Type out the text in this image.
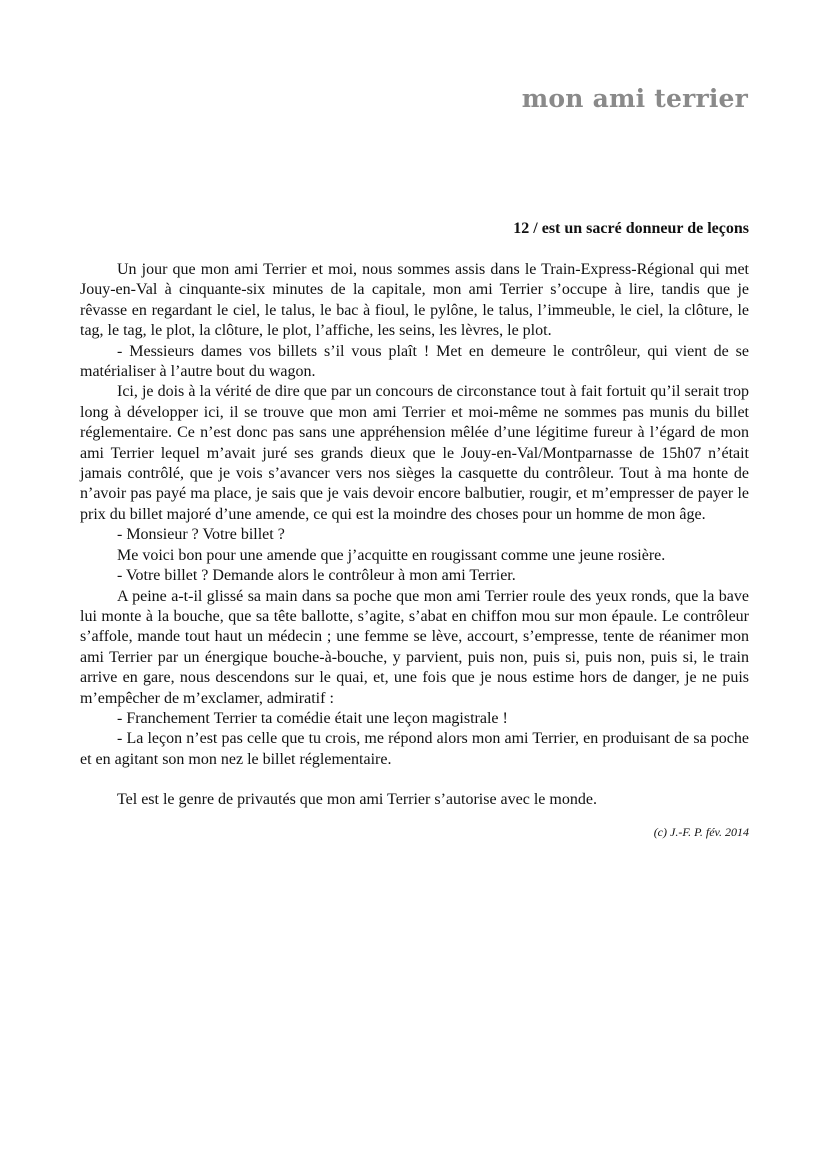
mon ami terrier
12 / est un sacré donneur de leçons

Un jour que mon ami Terrier et moi, nous sommes assis dans le Train-Express-Régional qui met Jouy-en-Val à cinquante-six minutes de la capitale, mon ami Terrier s’occupe à lire, tandis que je rêvasse en regardant le ciel, le talus, le bac à fioul, le pylône, le talus, l’immeuble, le ciel, la clôture, le tag, le tag, le plot, la clôture, le plot, l’affiche, les seins, les lèvres, le plot.

- Messieurs dames vos billets s’il vous plaît ! Met en demeure le contrôleur, qui vient de se matérialiser à l’autre bout du wagon.

Ici, je dois à la vérité de dire que par un concours de circonstance tout à fait fortuit qu’il serait trop long à développer ici, il se trouve que mon ami Terrier et moi-même ne sommes pas munis du billet réglementaire. Ce n’est donc pas sans une appréhension mêlée d’une légitime fureur à l’égard de mon ami Terrier lequel m’avait juré ses grands dieux que le Jouy-en-Val/Montparnasse de 15h07 n’était jamais contrôlé, que je vois s’avancer vers nos sièges la casquette du contrôleur. Tout à ma honte de n’avoir pas payé ma place, je sais que je vais devoir encore balbutier, rougir, et m’empresser de payer le prix du billet majoré d’une amende, ce qui est la moindre des choses pour un homme de mon âge.

- Monsieur ? Votre billet ?

Me voici bon pour une amende que j’acquitte en rougissant comme une jeune rosière.

- Votre billet ? Demande alors le contrôleur à mon ami Terrier.

A peine a-t-il glissé sa main dans sa poche que mon ami Terrier roule des yeux ronds, que la bave lui monte à la bouche, que sa tête ballotte, s’agite, s’abat en chiffon mou sur mon épaule. Le contrôleur s’affole, mande tout haut un médecin ; une femme se lève, accourt, s’empresse, tente de réanimer mon ami Terrier par un énergique bouche-à-bouche, y parvient, puis non, puis si, puis non, puis si, le train arrive en gare, nous descendons sur le quai, et, une fois que je nous estime hors de danger, je ne puis m’empêcher de m’exclamer, admiratif :

- Franchement Terrier ta comédie était une leçon magistrale !

- La leçon n’est pas celle que tu crois, me répond alors mon ami Terrier, en produisant de sa poche et en agitant son mon nez le billet réglementaire.

Tel est le genre de privautés que mon ami Terrier s’autorise avec le monde.

(c) J.-F. P. fév. 2014
